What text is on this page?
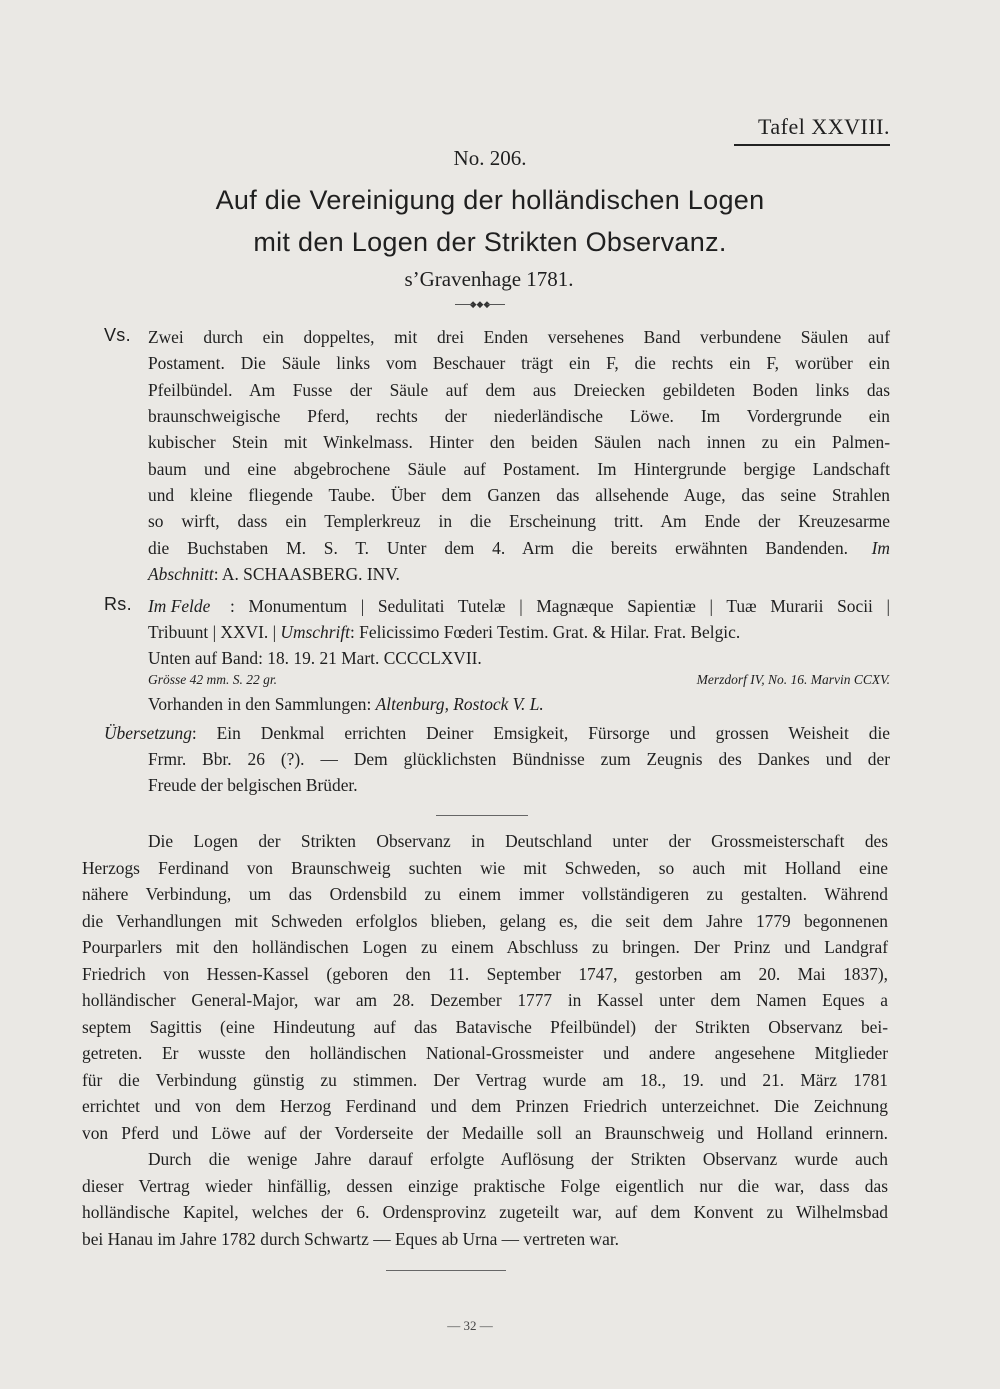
Tafel XXVIII.
No. 206.
Auf die Vereinigung der holländischen Logen
mit den Logen der Strikten Observanz.
s’Gravenhage 1781.
◆◆◆
Vs. Zwei durch ein doppeltes, mit drei Enden versehenes Band verbundene Säulen auf
Postament. Die Säule links vom Beschauer trägt ein F, die rechts ein F, worüber ein
Pfeilbündel. Am Fusse der Säule auf dem aus Dreiecken gebildeten Boden links das
braunschweigische Pferd, rechts der niederländische Löwe. Im Vordergrunde ein
kubischer Stein mit Winkelmass. Hinter den beiden Säulen nach innen zu ein Palmen-
baum und eine abgebrochene Säule auf Postament. Im Hintergrunde bergige Landschaft
und kleine fliegende Taube. Über dem Ganzen das allsehende Auge, das seine Strahlen
so wirft, dass ein Templerkreuz in die Erscheinung tritt. Am Ende der Kreuzesarme
die Buchstaben M. S. T. Unter dem 4. Arm die bereits erwähnten Bandenden. Im
Abschnitt: A. SCHAASBERG. INV.
Rs. Im Felde : Monumentum | Sedulitati Tutelæ | Magnæque Sapientiæ | Tuæ Murarii Socii |
Tribuunt | XXVI. | Umschrift: Felicissimo Fœderi Testim. Grat. & Hilar. Frat. Belgic.
Unten auf Band: 18. 19. 21 Mart. CCCCLXVII.
Grösse 42 mm. S. 22 gr.	Merzdorf IV, No. 16. Marvin CCXV.
Vorhanden in den Sammlungen: Altenburg, Rostock V. L.
Übersetzung : Ein Denkmal errichten Deiner Emsigkeit, Fürsorge und grossen Weisheit die
Frmr. Bbr. 26 (?). — Dem glücklichsten Bündnisse zum Zeugnis des Dankes und der
Freude der belgischen Brüder.
Die Logen der Strikten Observanz in Deutschland unter der Grossmeisterschaft des
Herzogs Ferdinand von Braunschweig suchten wie mit Schweden, so auch mit Holland eine
nähere Verbindung, um das Ordensbild zu einem immer vollständigeren zu gestalten. Während
die Verhandlungen mit Schweden erfolglos blieben, gelang es, die seit dem Jahre 1779 begonnenen
Pourparlers mit den holländischen Logen zu einem Abschluss zu bringen. Der Prinz und Landgraf
Friedrich von Hessen-Kassel (geboren den 11. September 1747, gestorben am 20. Mai 1837),
holländischer General-Major, war am 28. Dezember 1777 in Kassel unter dem Namen Eques a
septem Sagittis (eine Hindeutung auf das Batavische Pfeilbündel) der Strikten Observanz bei-
getreten. Er wusste den holländischen National-Grossmeister und andere angesehene Mitglieder
für die Verbindung günstig zu stimmen. Der Vertrag wurde am 18., 19. und 21. März 1781
errichtet und von dem Herzog Ferdinand und dem Prinzen Friedrich unterzeichnet. Die Zeichnung
von Pferd und Löwe auf der Vorderseite der Medaille soll an Braunschweig und Holland erinnern.
Durch die wenige Jahre darauf erfolgte Auflösung der Strikten Observanz wurde auch
dieser Vertrag wieder hinfällig, dessen einzige praktische Folge eigentlich nur die war, dass das
holländische Kapitel, welches der 6. Ordensprovinz zugeteilt war, auf dem Konvent zu Wilhelmsbad
bei Hanau im Jahre 1782 durch Schwartz — Eques ab Urna — vertreten war.
— 32 —
